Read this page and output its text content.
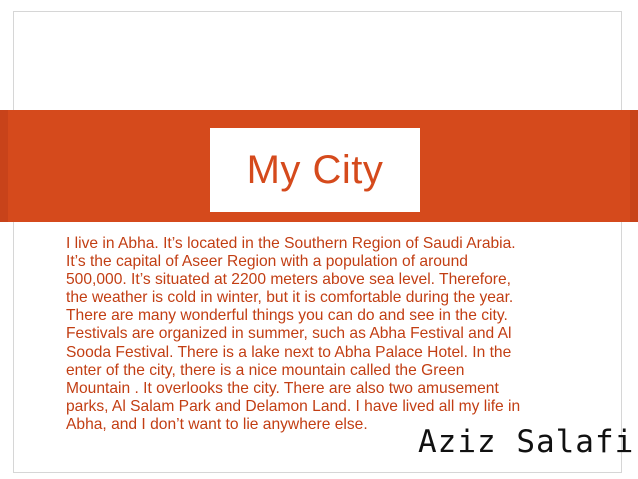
My City

I live in Abha. It’s located in the Southern Region of Saudi Arabia.
It’s the capital of Aseer Region with a population of around
500,000. It’s situated at 2200 meters above sea level. Therefore,
the weather is cold in winter, but it is comfortable during the year.
There are many wonderful things you can do and see in the city.
Festivals are organized in summer, such as Abha Festival and Al
Sooda Festival. There is a lake next to Abha Palace Hotel. In the
enter of the city, there is a nice mountain called the Green
Mountain . It overlooks the city. There are also two amusement
parks, Al Salam Park and Delamon Land. I have lived all my life in
Abha, and I don’t want to lie anywhere else.	Aziz Salafi
